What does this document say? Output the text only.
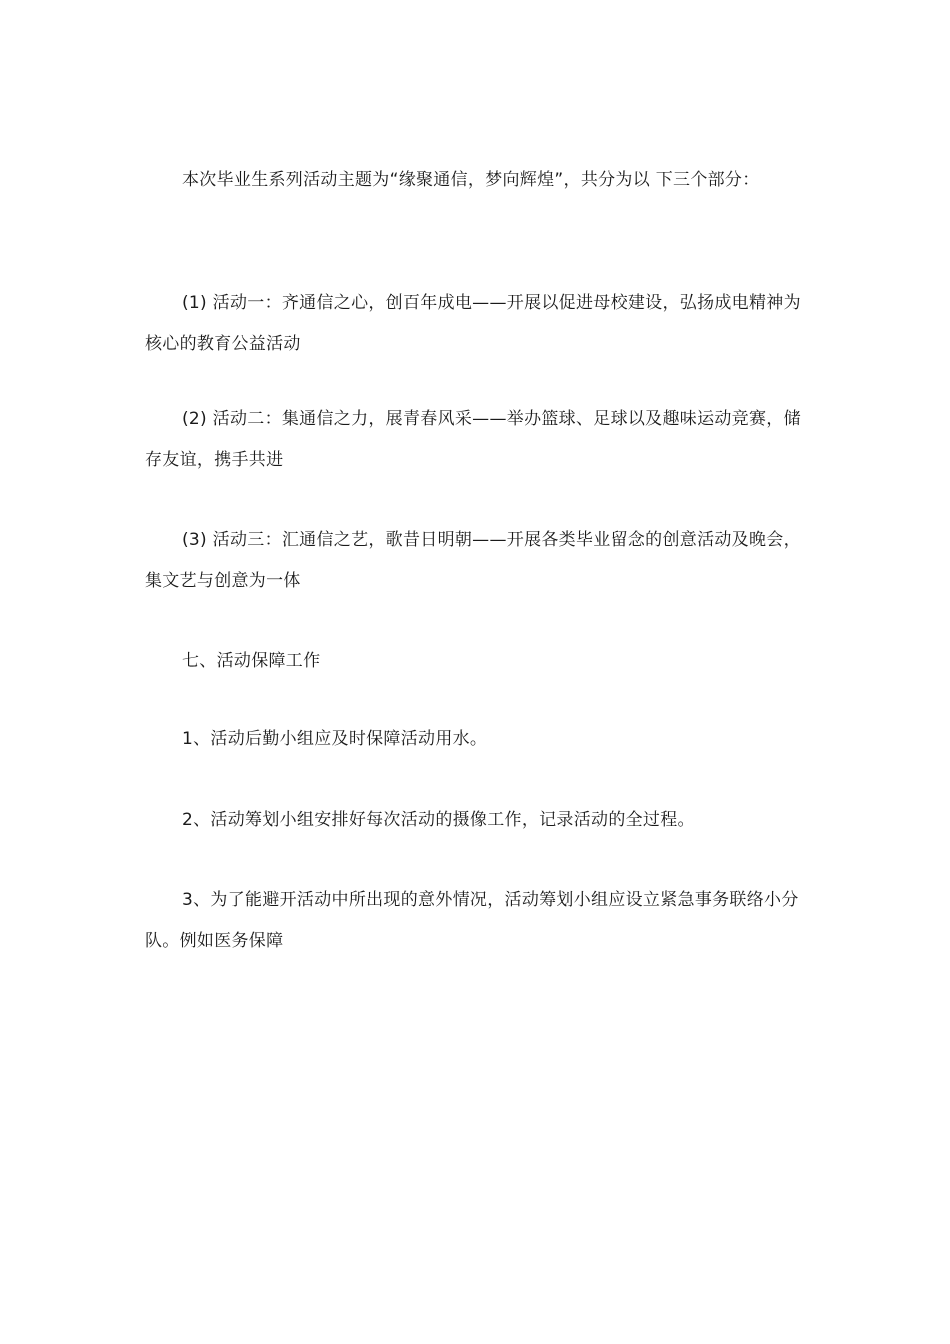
本次毕业生系列活动主题为“缘聚通信，梦向辉煌”，共分为以 下三个部分：

(1) 活动一：齐通信之心，创百年成电——开展以促进母校建设，弘扬成电精神为核心的教育公益活动

(2) 活动二：集通信之力，展青春风采——举办篮球、足球以及趣味运动竞赛，储存友谊，携手共进

(3) 活动三：汇通信之艺，歌昔日明朝——开展各类毕业留念的创意活动及晚会，集文艺与创意为一体

七、活动保障工作

1、活动后勤小组应及时保障活动用水。

2、活动筹划小组安排好每次活动的摄像工作，记录活动的全过程。

3、为了能避开活动中所出现的意外情况，活动筹划小组应设立紧急事务联络小分队。例如医务保障
